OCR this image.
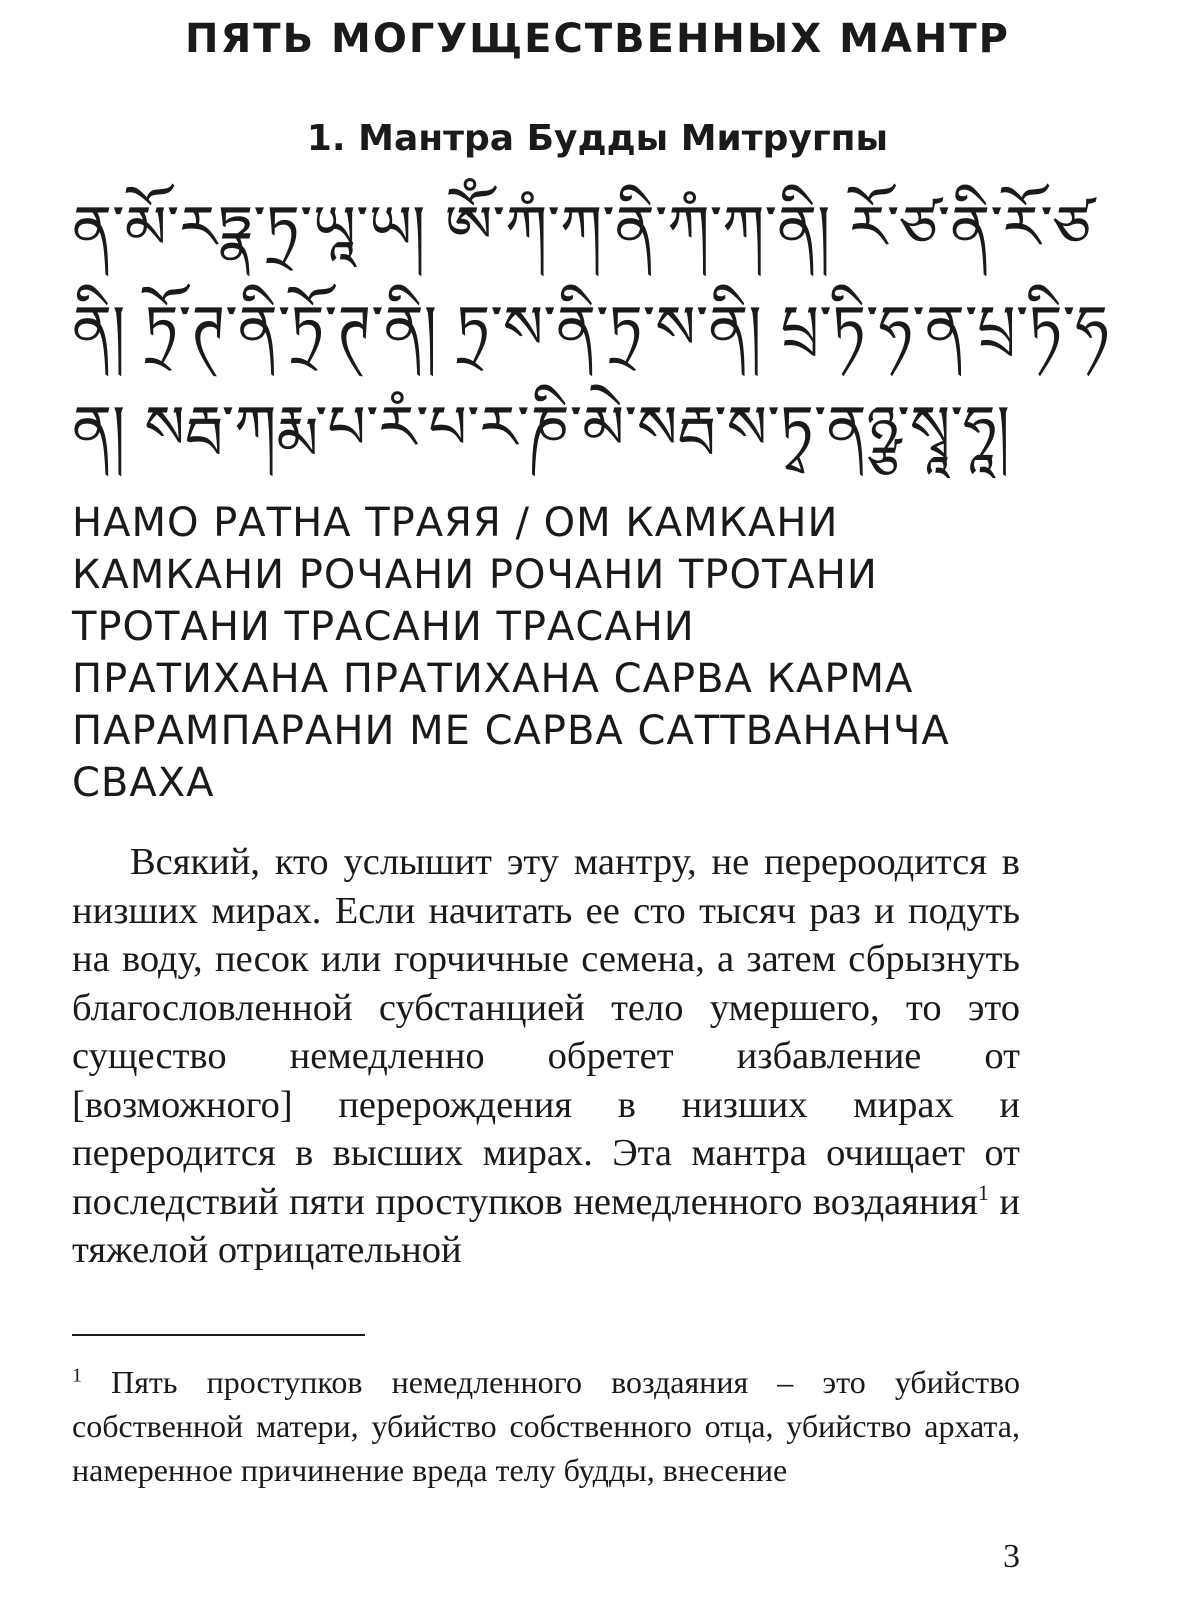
ПЯТЬ МОГУЩЕСТВЕННЫХ МАНТР
1. Мантра Будды Митругпы
ན་མོ་རཏྣ་ཏྲ་ཡཱ་ཡ། ཨོཾ་ཀཾ་ཀ་ནི་ཀཾ་ཀ་ནི། རོ་ཙ་ནི་རོ་ཙ
ནི། ཏྲོ་ཊ་ནི་ཏྲོ་ཊ་ནི། ཏྲ་ས་ནི་ཏྲ་ས་ནི། པྲ་ཏི་ཧ་ན་པྲ་ཏི་ཧ
ན། སརྦ་ཀརྨ་པ་རཾ་པ་ར་ཎི་མེ་སརྦ་ས་ཏྭ་ནཉྩ་སྭཱ་ཧཱ།
НАМО РАТНА ТРАЯЯ / ОМ КАМКАНИ
КАМКАНИ РОЧАНИ РОЧАНИ ТРОТАНИ
ТРОТАНИ ТРАСАНИ ТРАСАНИ
ПРАТИХАНА ПРАТИХАНА САРВА КАРМА
ПАРАМПАРАНИ МЕ САРВА САТТВАНАНЧА
СВАХА

Всякий, кто услышит эту мантру, не перероодится в низших мирах. Если начитать ее сто тысяч раз и подуть на воду, песок или горчичные семена, а затем сбрызнуть благословленной субстанцией тело умершего, то это существо немедленно обретет избавление от [возможного] перерождения в низших мирах и переродится в высших мирах. Эта мантра очищает от последствий пяти проступков немедленного воздаяния$^1$ и тяжелой отрицательной

$^1$ Пять проступков немедленного воздаяния – это убийство собственной матери, убийство собственного отца, убийство архата, намеренное причинение вреда телу будды, внесение

3
